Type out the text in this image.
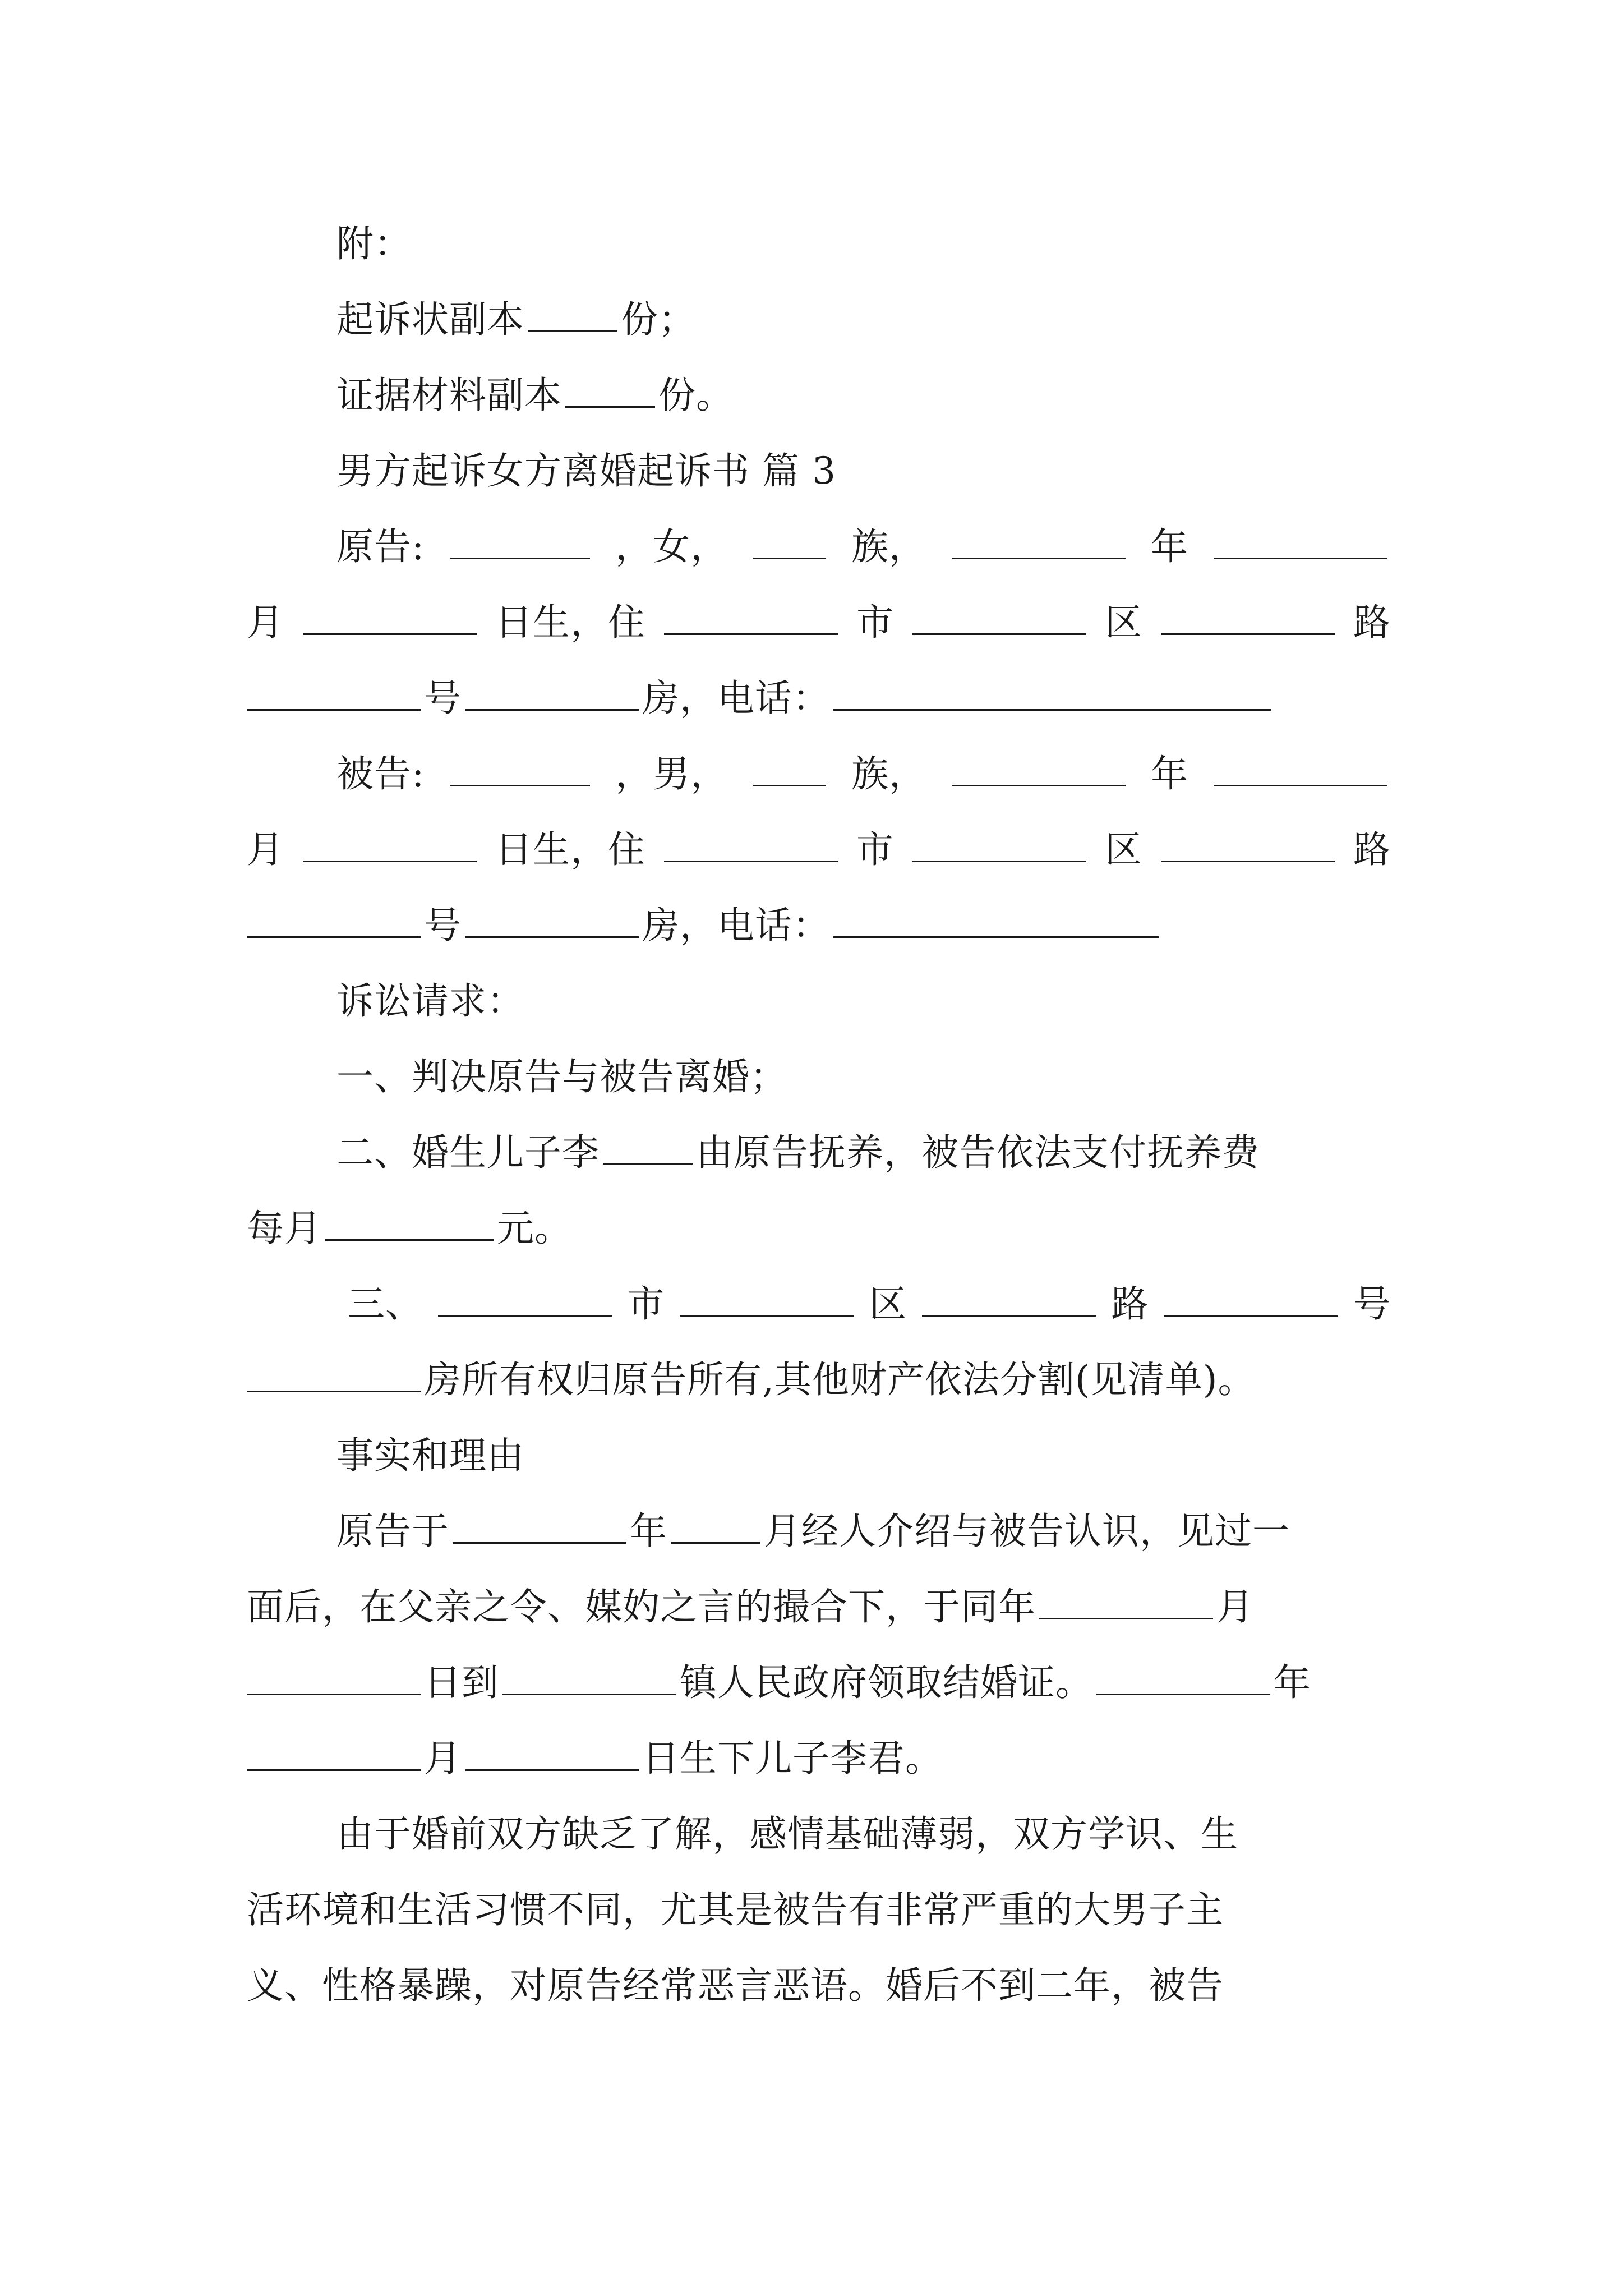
附：
起诉状副本	份；
证据材料副本	份。
男方起诉女方离婚起诉书 篇 3
原告:	，女，	族，	年
月	日生，住	市	区	路
号	房，电话：
被告:	，男，	族，	年
月	日生，住	市	区	路
号	房，电话：
诉讼请求：
一、判决原告与被告离婚；
二、婚生儿子李	由原告抚养，被告依法支付抚养费
每月	元。
三、	市	区	路	号
房所有权归原告所有,其他财产依法分割(见清单)。
事实和理由
原告于	年	月经人介绍与被告认识，见过一
面后，在父亲之令、媒妁之言的撮合下，于同年	月
日到	镇人民政府领取结婚证。	年
月	日生下儿子李君。
由于婚前双方缺乏了解，感情基础薄弱，双方学识、生
活环境和生活习惯不同，尤其是被告有非常严重的大男子主
义、性格暴躁，对原告经常恶言恶语。婚后不到二年，被告
